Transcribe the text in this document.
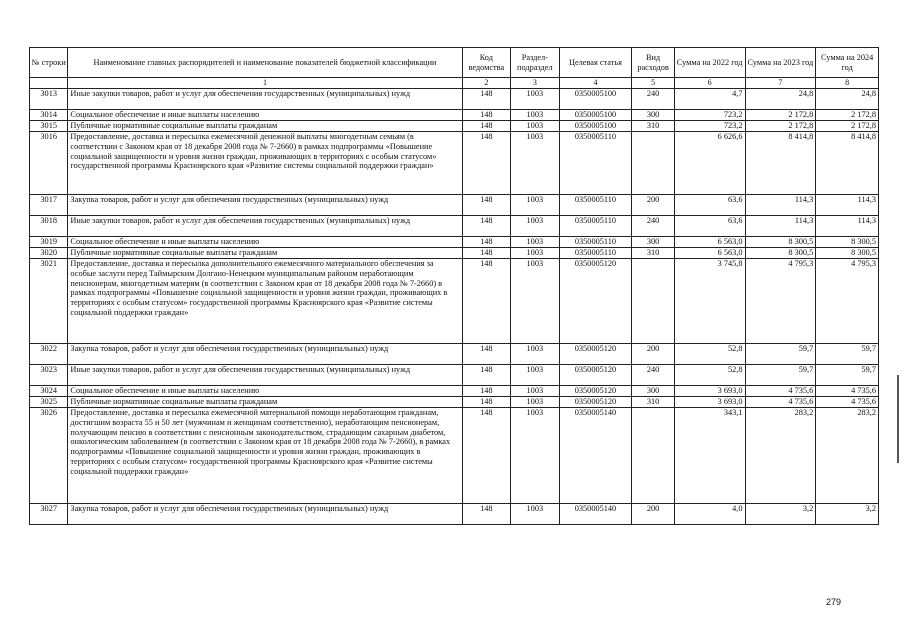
№ строки	Наименование главных распорядителей и наименование показателей бюджетной классификации	Код ведомства	Раздел-подраздел	Целевая статья	Вид расходов	Сумма на 2022 год	Сумма на 2023 год	Сумма на 2024 год
	1	2	3	4	5	6	7	8
3013	Иные закупки товаров, работ и услуг для обеспечения государственных (муниципальных) нужд	148	1003	0350005100	240	4,7	24,8	24,8
3014	Социальное обеспечение и иные выплаты населению	148	1003	0350005100	300	723,2	2 172,8	2 172,8
3015	Публичные нормативные социальные выплаты гражданам	148	1003	0350005100	310	723,2	2 172,8	2 172,8
3016	Предоставление, доставка и пересылка ежемесячной денежной выплаты многодетным семьям (в соответствии с Законом края от 18 декабря 2008 года № 7-2660) в рамках подпрограммы «Повышение социальной защищенности и уровня жизни граждан, проживающих в территориях с особым статусом» государственной программы Красноярского края «Развитие системы социальной поддержки граждан»	148	1003	0350005110		6 626,6	8 414,8	8 414,8
3017	Закупка товаров, работ и услуг для обеспечения государственных (муниципальных) нужд	148	1003	0350005110	200	63,6	114,3	114,3
3018	Иные закупки товаров, работ и услуг для обеспечения государственных (муниципальных) нужд	148	1003	0350005110	240	63,6	114,3	114,3
3019	Социальное обеспечение и иные выплаты населению	148	1003	0350005110	300	6 563,0	8 300,5	8 300,5
3020	Публичные нормативные социальные выплаты гражданам	148	1003	0350005110	310	6 563,0	8 300,5	8 300,5
3021	Предоставление, доставка и пересылка дополнительного ежемесячного материального обеспечения за особые заслуги перед Таймырским Долгано-Ненецким муниципальным районом неработающим пенсионерам, многодетным матерям (в соответствии с Законом края от 18 декабря 2008 года № 7-2660) в рамках подпрограммы «Повышение социальной защищенности и уровня жизни граждан, проживающих в территориях с особым статусом» государственной программы Красноярского края «Развитие системы социальной поддержки граждан»	148	1003	0350005120		3 745,8	4 795,3	4 795,3
3022	Закупка товаров, работ и услуг для обеспечения государственных (муниципальных) нужд	148	1003	0350005120	200	52,8	59,7	59,7
3023	Иные закупки товаров, работ и услуг для обеспечения государственных (муниципальных) нужд	148	1003	0350005120	240	52,8	59,7	59,7
3024	Социальное обеспечение и иные выплаты населению	148	1003	0350005120	300	3 693,0	4 735,6	4 735,6
3025	Публичные нормативные социальные выплаты гражданам	148	1003	0350005120	310	3 693,0	4 735,6	4 735,6
3026	Предоставление, доставка и пересылка ежемесячной материальной помощи неработающим гражданам, достигшим возраста 55 и 50 лет (мужчинам и женщинам соответственно), неработающим пенсионерам, получающим пенсию в соответствии с пенсионным законодательством, страдающим сахарным диабетом, онкологическим заболеванием (в соответствии с Законом края от 18 декабря 2008 года № 7-2660), в рамках подпрограммы «Повышение социальной защищенности и уровня жизни граждан, проживающих в территориях с особым статусом» государственной программы Красноярского края «Развитие системы социальной поддержки граждан»	148	1003	0350005140		343,1	283,2	283,2
3027	Закупка товаров, работ и услуг для обеспечения государственных (муниципальных) нужд	148	1003	0350005140	200	4,0	3,2	3,2
279
